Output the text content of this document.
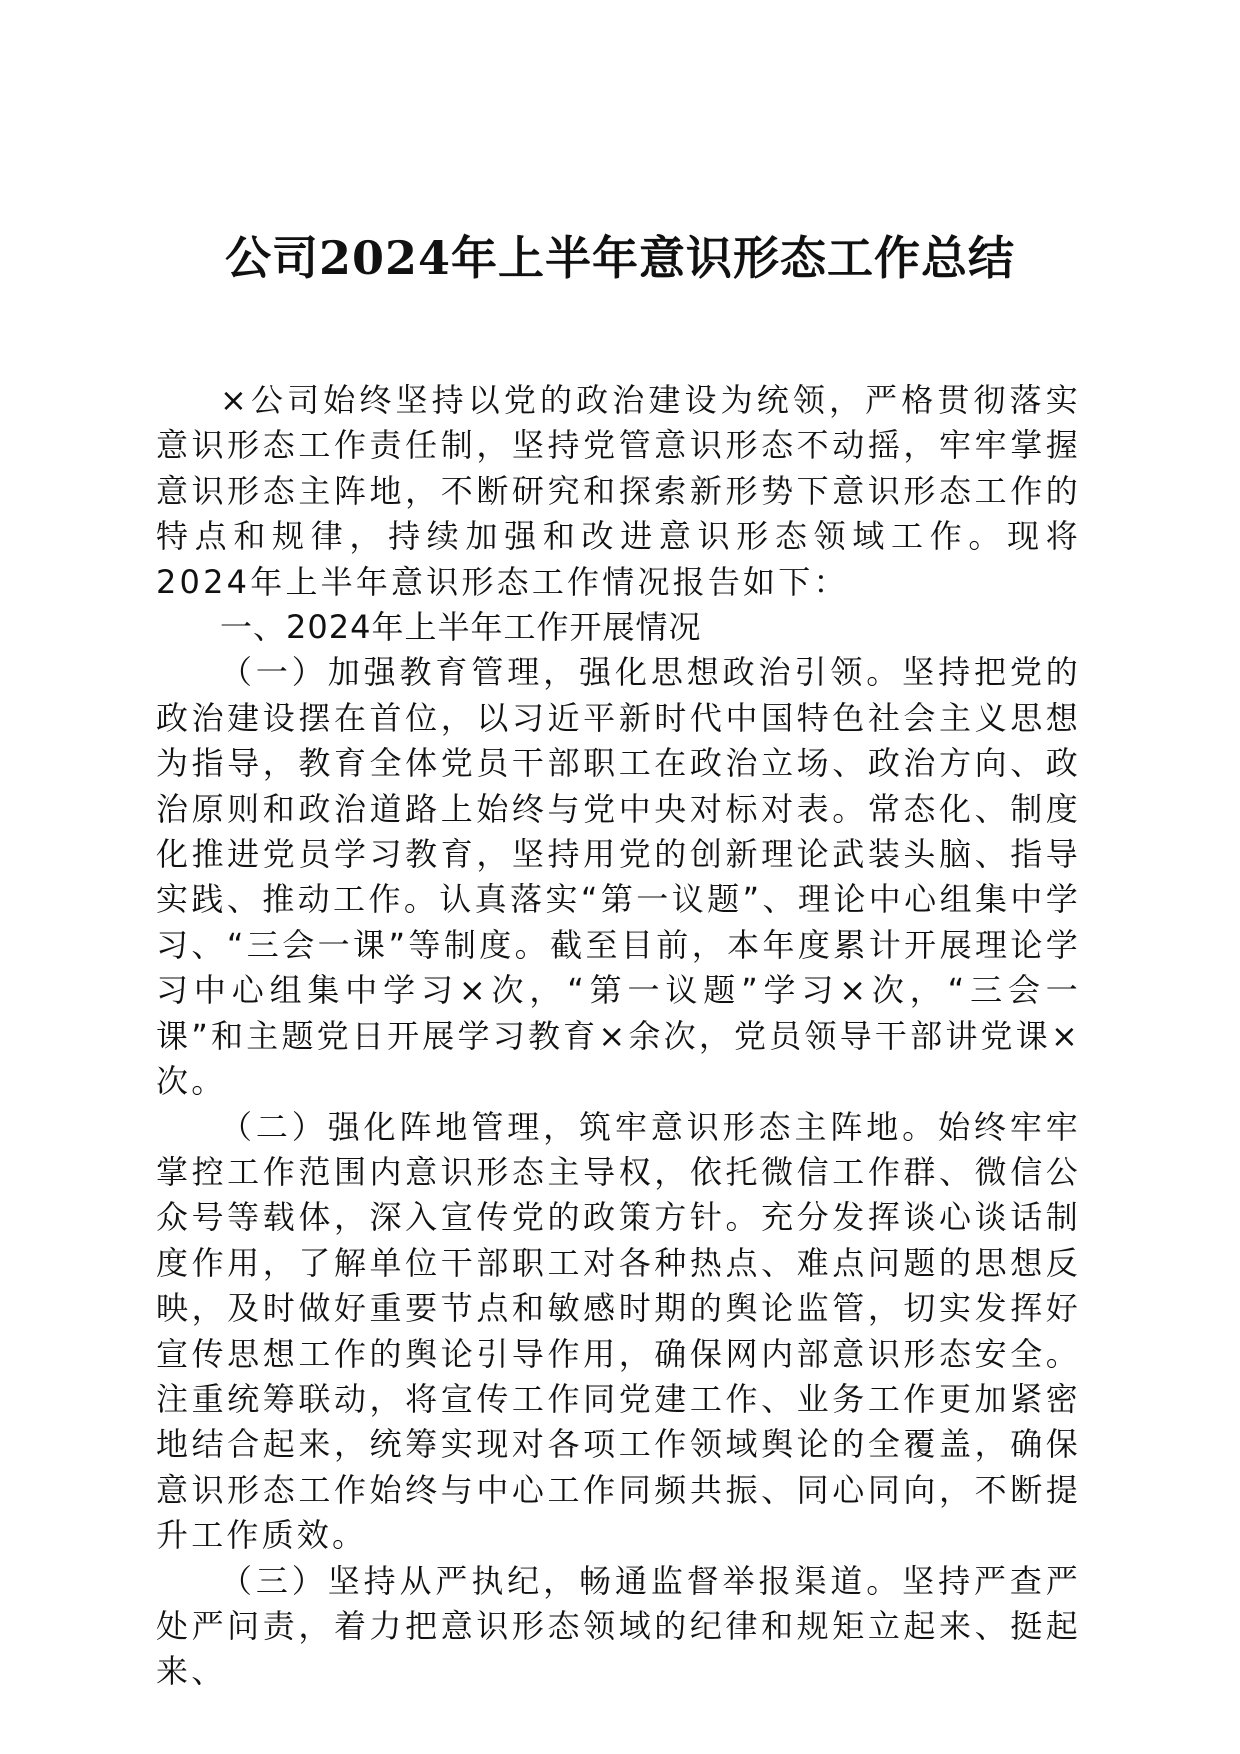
公司2024年上半年意识形态工作总结

×公司始终坚持以党的政治建设为统领，严格贯彻落实意识形态工作责任制，坚持党管意识形态不动摇，牢牢掌握意识形态主阵地，不断研究和探索新形势下意识形态工作的特点和规律，持续加强和改进意识形态领域工作。现将2024年上半年意识形态工作情况报告如下：

一、2024年上半年工作开展情况

（一）加强教育管理，强化思想政治引领。坚持把党的政治建设摆在首位，以习近平新时代中国特色社会主义思想为指导，教育全体党员干部职工在政治立场、政治方向、政治原则和政治道路上始终与党中央对标对表。常态化、制度化推进党员学习教育，坚持用党的创新理论武装头脑、指导实践、推动工作。认真落实“第一议题”、理论中心组集中学习、“三会一课”等制度。截至目前，本年度累计开展理论学习中心组集中学习×次，“第一议题”学习×次，“三会一课”和主题党日开展学习教育×余次，党员领导干部讲党课×次。

（二）强化阵地管理，筑牢意识形态主阵地。始终牢牢掌控工作范围内意识形态主导权，依托微信工作群、微信公众号等载体，深入宣传党的政策方针。充分发挥谈心谈话制度作用，了解单位干部职工对各种热点、难点问题的思想反映，及时做好重要节点和敏感时期的舆论监管，切实发挥好宣传思想工作的舆论引导作用，确保网内部意识形态安全。注重统筹联动，将宣传工作同党建工作、业务工作更加紧密地结合起来，统筹实现对各项工作领域舆论的全覆盖，确保意识形态工作始终与中心工作同频共振、同心同向，不断提升工作质效。

（三）坚持从严执纪，畅通监督举报渠道。坚持严查严处严问责，着力把意识形态领域的纪律和规矩立起来、挺起来、
